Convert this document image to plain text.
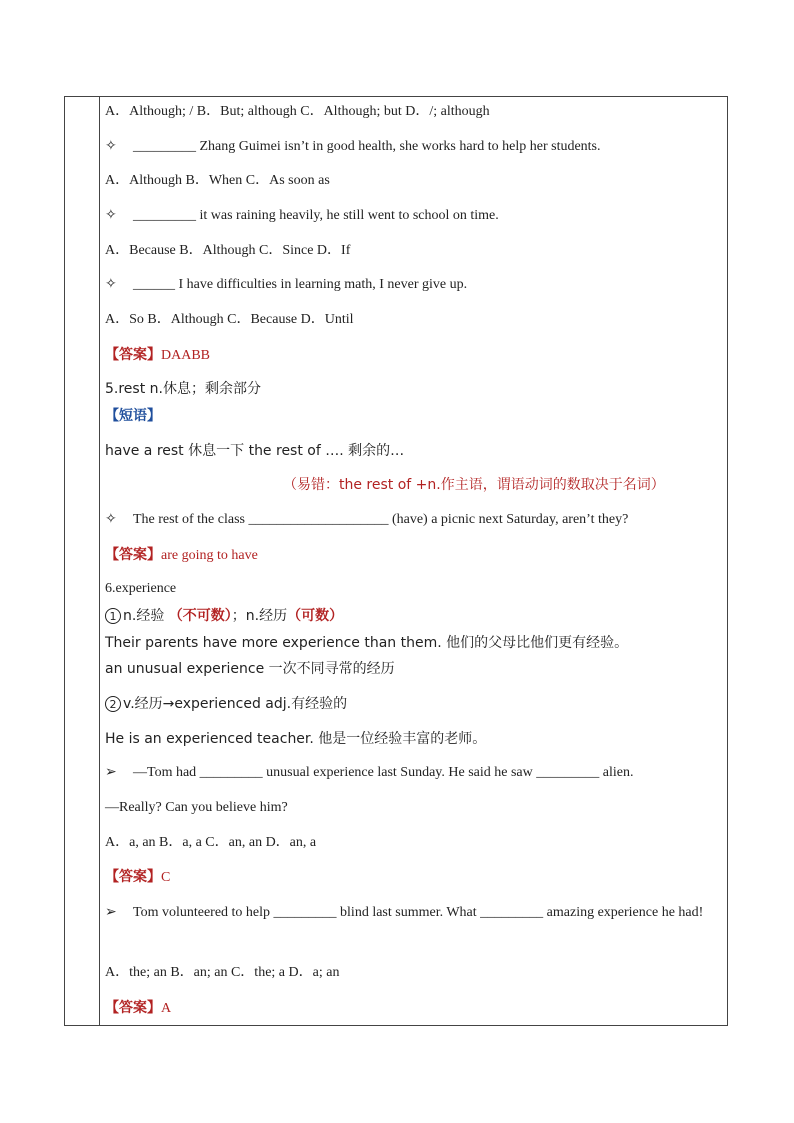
A．Although; / B．But; although C．Although; but D．/; although
✧ _________ Zhang Guimei isn’t in good health, she works hard to help her students.
A．Although B．When C．As soon as
✧ _________ it was raining heavily, he still went to school on time.
A．Because B．Although C．Since D．If
✧ ______ I have difficulties in learning math, I never give up.
A．So B．Although C．Because D．Until
【答案】DAABB
5.rest n.休息；剩余部分
【短语】
have a rest 休息一下 the rest of …. 剩余的…
（易错：the rest of +n.作主语，谓语动词的数取决于名词）
✧ The rest of the class ____________________ (have) a picnic next Saturday, aren’t they?
【答案】are going to have
6.experience
1 n.经验 （不可数）；n.经历（可数）
Their parents have more experience than them. 他们的父母比他们更有经验。
an unusual experience 一次不同寻常的经历
2 v.经历→experienced adj.有经验的
He is an experienced teacher. 他是一位经验丰富的老师。
➢ —Tom had _________ unusual experience last Sunday. He said he saw _________ alien.
—Really? Can you believe him?
A．a, an B．a, a C．an, an D．an, a
【答案】C
➢ Tom volunteered to help _________ blind last summer. What _________ amazing experience he had!
A．the; an B．an; an C．the; a D．a; an
【答案】A
